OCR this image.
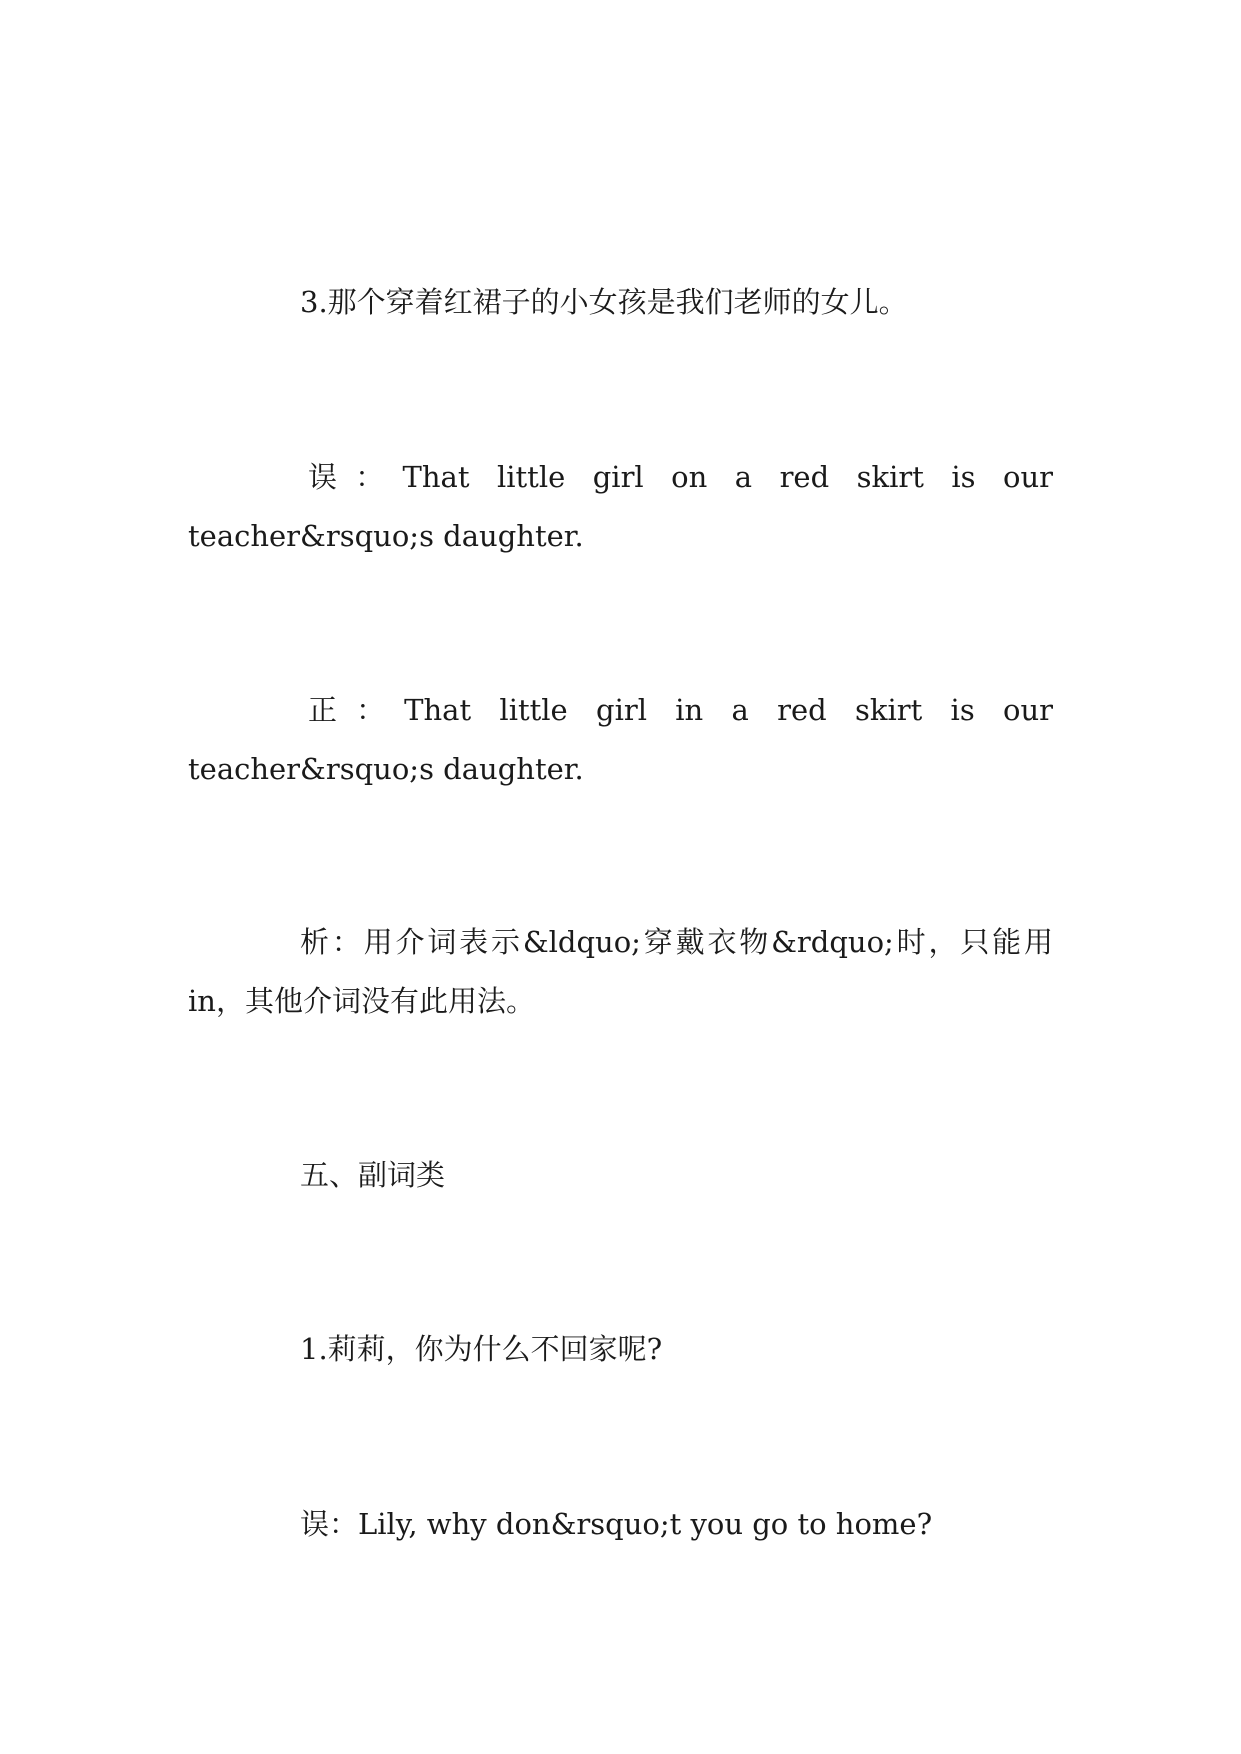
3.那个穿着红裙子的小女孩是我们老师的女儿。
误：That little girl on a red skirt is our
teacher&rsquo;s daughter.
正：That little girl in a red skirt is our
teacher&rsquo;s daughter.
析：用介词表示&ldquo;穿戴衣物&rdquo;时，只能用
in，其他介词没有此用法。
五、副词类
1.莉莉，你为什么不回家呢?
误：Lily, why don&rsquo;t you go to home?
